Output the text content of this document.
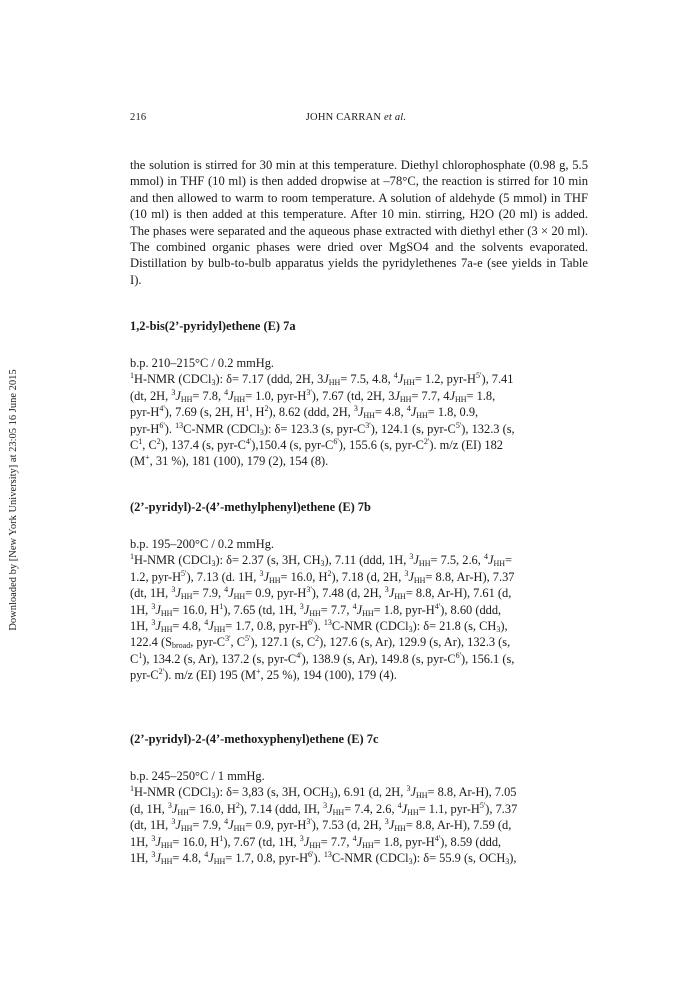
216	JOHN CARRAN et al.
Downloaded by [New York University] at 23:05 16 June 2015

the solution is stirred for 30 min at this temperature. Diethyl chlorophosphate (0.98 g, 5.5 mmol) in THF (10 ml) is then added dropwise at –78°C, the reaction is stirred for 10 min and then allowed to warm to room temperature. A solution of aldehyde (5 mmol) in THF (10 ml) is then added at this temperature. After 10 min. stirring, H2O (20 ml) is added. The phases were separated and the aqueous phase extracted with diethyl ether (3 × 20 ml). The combined organic phases were dried over MgSO4 and the solvents evaporated. Distillation by bulb-to-bulb apparatus yields the pyridylethenes 7a-e (see yields in Table I).

1,2-bis(2’-pyridyl)ethene (E) 7a
b.p. 210–215°C / 0.2 mmHg.
$^1$H-NMR (CDCl$_3$): δ= 7.17 (ddd, 2H, $3J_{HH}= 7.5$, 4.8, $^4J_{HH}= 1.2$, pyr-$H^{5'}$), 7.41
(dt, 2H, $^3J_{HH}= 7.8$, $^4J_{HH}= 1.0$, pyr-$H^{3'}$), 7.67 (td, 2H, $3J_{HH}= 7.7$, $4J_{HH}= 1.8$,
pyr-$H^{4'}$), 7.69 (s, 2H, $H^1$, $H^2$), 8.62 (ddd, 2H, $^3J_{HH}= 4.8$, $^4J_{HH}= 1.8$, 0.9,
pyr-$H^{6'}$). $^{13}$C-NMR (CDCl$_3$): δ= 123.3 (s, pyr-$C^{3'}$), 124.1 (s, pyr-$C^{5'}$), 132.3 (s,
$C^1$, $C^2$), 137.4 (s, pyr-$C^{4'}),150.4$ (s, pyr-$C^{6'}$), 155.6 (s, pyr-$C^{2'}$). m/z (EI) 182
(M+, 31 %), 181 (100), 179 (2), 154 (8).
(2’-pyridyl)-2-(4’-methylphenyl)ethene (E) 7b
b.p. 195–200°C / 0.2 mmHg.
$^1$H-NMR (CDCl$_3$): δ= 2.37 (s, 3H, $CH_3$), 7.11 (ddd, 1H, $^3J_{HH}= 7.5$, 2.6, $^4J_{HH}=$
1.2, pyr-$H^{5'}$), 7.13 (d. 1H, $^3J_{HH}= 16.0$, $H^2$), 7.18 (d, 2H, $^3J_{HH}= 8.8$, Ar-H), 7.37
(dt, 1H, $^3J_{HH}= 7.9$, $^4J_{HH}= 0.9$, pyr-$H^{3'}$), 7.48 (d, 2H, $^3J_{HH}= 8.8$, Ar-H), 7.61 (d,
1H, $^3J_{HH}= 16.0$, $H^1$), 7.65 (td, 1H, $^3J_{HH}= 7.7$, $^4J_{HH}= 1.8$, pyr-$H^{4'}$), 8.60 (ddd,
1H, $^3J_{HH}= 4.8$, $^4J_{HH}= 1.7$, 0.8, pyr-$H^{6'}$). $^{13}$C-NMR (CDCl$_3$): δ= 21.8 (s, $CH_3$),
122.4 ($S_{broad}$, pyr-$C^{3'}$, $C^{5'}$), 127.1 (s, $C^2$), 127.6 (s, Ar), 129.9 (s, Ar), 132.3 (s,
$C^1$), 134.2 (s, Ar), 137.2 (s, pyr-$C^{4'}$), 138.9 (s, Ar), 149.8 (s, pyr-$C^{6'}$), 156.1 (s,
pyr-$C^{2'}$). m/z (EI) 195 (M+, 25 %), 194 (100), 179 (4).
(2’-pyridyl)-2-(4’-methoxyphenyl)ethene (E) 7c
b.p. 245–250°C / 1 mmHg.
$^1$H-NMR (CDCl$_3$): δ= 3,83 (s, 3H, $OCH_3$), 6.91 (d, 2H, $^3J_{HH}= 8.8$, Ar-H), 7.05
(d, 1H, $^3J_{HH}= 16.0$, $H^2$), 7.14 (ddd, IH, $^3J_{HH}= 7.4$, 2.6, $^4J_{HH}= 1.1$, pyr-$H^{5'}$), 7.37
(dt, 1H, $^3J_{HH}= 7.9$, $^4J_{HH}= 0.9$, pyr-$H^{3'}$), 7.53 (d, 2H, $^3J_{HH}= 8.8$, Ar-H), 7.59 (d,
1H, $^3J_{HH}= 16.0$, $H^1$), 7.67 (td, 1H, $^3J_{HH}= 7.7$, $^4J_{HH}= 1.8$, pyr-$H^{4'}$), 8.59 (ddd,
1H, $^3J_{HH}= 4.8$, $^4J_{HH}= 1.7$, 0.8, pyr-$H^{6'}$). $^{13}$C-NMR (CDCl$_3$): δ= 55.9 (s, $OCH_3$),
